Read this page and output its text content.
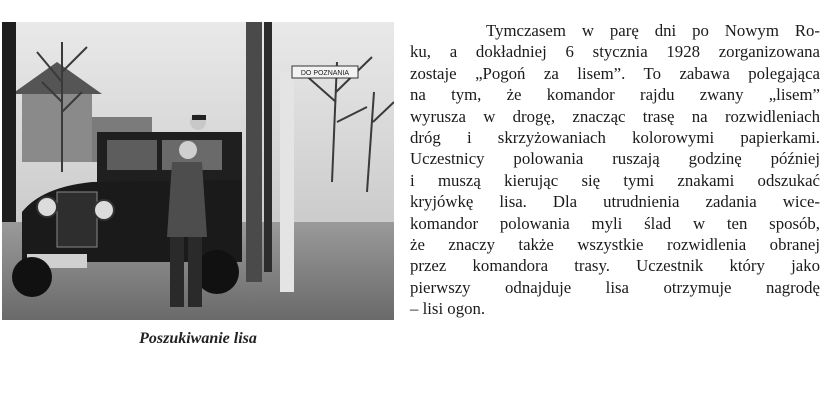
DO POZNANIA
Poszukiwanie lisa
Tymczasem w parę dni po Nowym Ro-
ku, a dokładniej 6 stycznia 1928 zorganizowana
zostaje „Pogoń za lisem”. To zabawa polegająca
na tym, że komandor rajdu zwany „lisem”
wyrusza w drogę, znacząc trasę na rozwidleniach
dróg i skrzyżowaniach kolorowymi papierkami.
Uczestnicy polowania ruszają godzinę później
i muszą kierując się tymi znakami odszukać
kryjówkę lisa. Dla utrudnienia zadania wice-
komandor polowania myli ślad w ten sposób,
że znaczy także wszystkie rozwidlenia obranej
przez komandora trasy. Uczestnik który jako
pierwszy odnajduje lisa otrzymuje nagrodę
– lisi ogon.
